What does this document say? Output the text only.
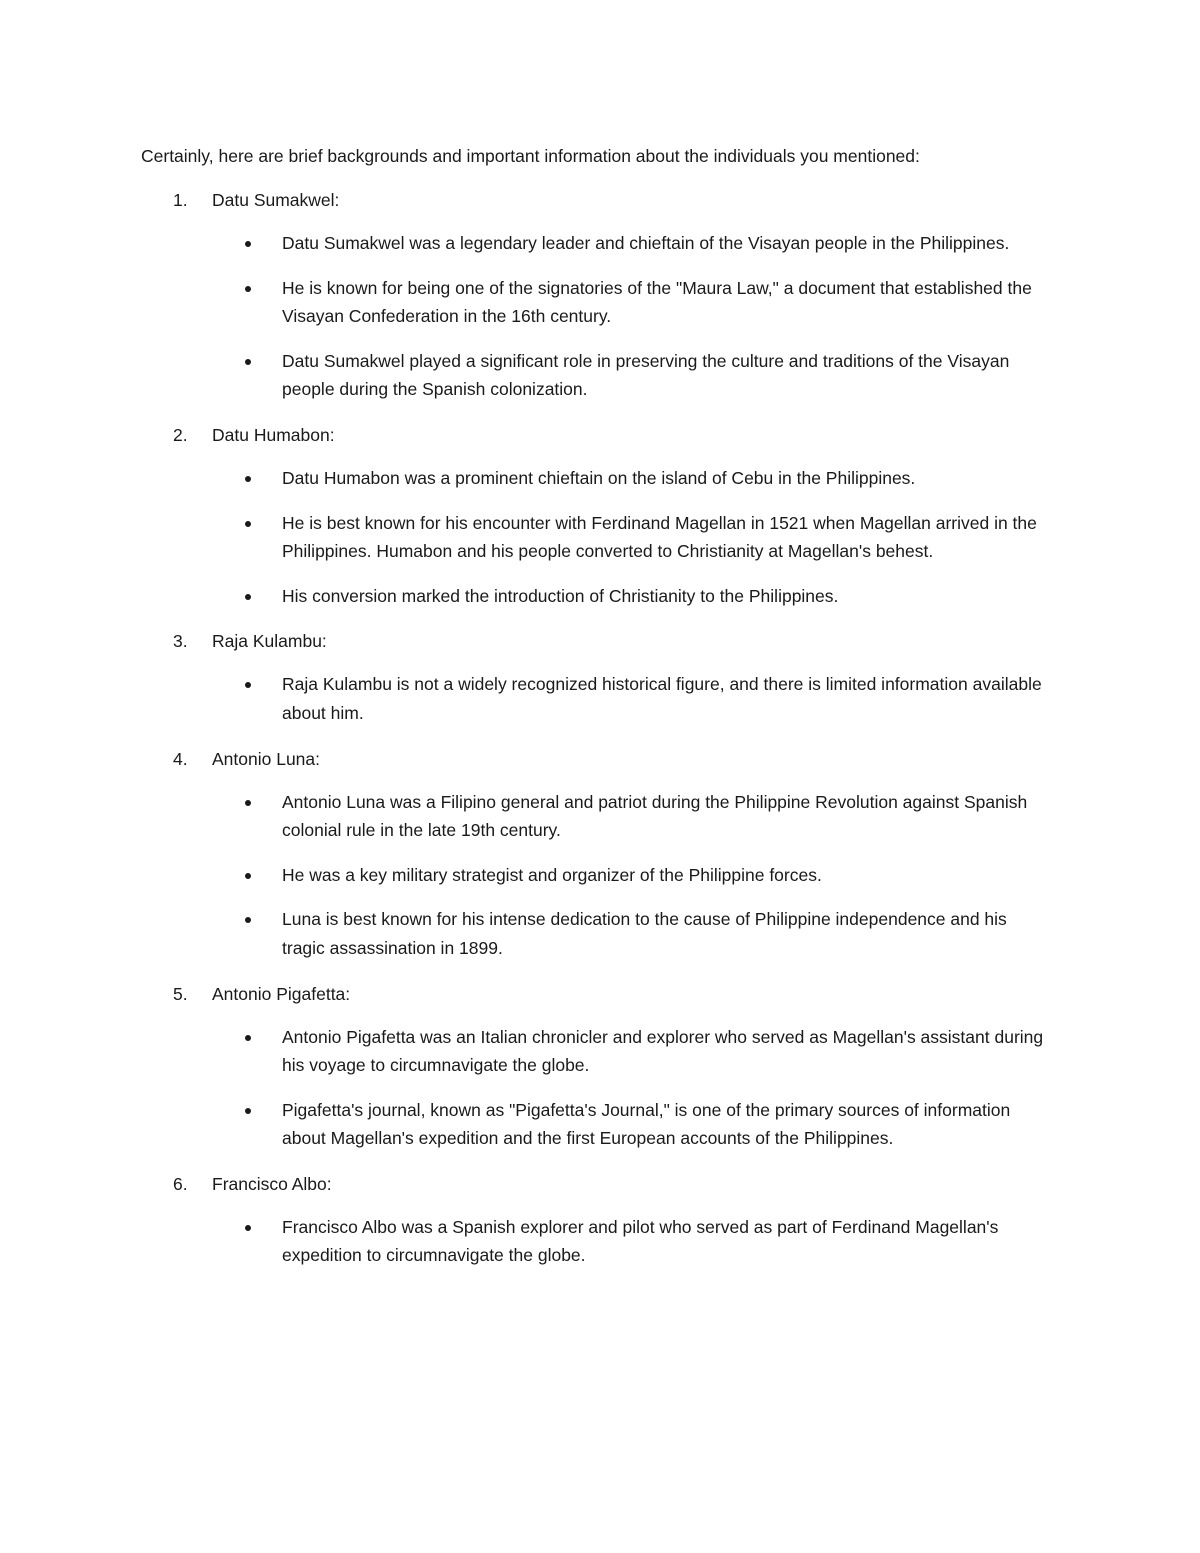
Certainly, here are brief backgrounds and important information about the individuals you mentioned:
1.	Datu Sumakwel:
Datu Sumakwel was a legendary leader and chieftain of the Visayan people in the Philippines.
He is known for being one of the signatories of the "Maura Law," a document that established the Visayan Confederation in the 16th century.
Datu Sumakwel played a significant role in preserving the culture and traditions of the Visayan people during the Spanish colonization.
2.	Datu Humabon:
Datu Humabon was a prominent chieftain on the island of Cebu in the Philippines.
He is best known for his encounter with Ferdinand Magellan in 1521 when Magellan arrived in the Philippines. Humabon and his people converted to Christianity at Magellan's behest.
His conversion marked the introduction of Christianity to the Philippines.
3.	Raja Kulambu:
Raja Kulambu is not a widely recognized historical figure, and there is limited information available about him.
4.	Antonio Luna:
Antonio Luna was a Filipino general and patriot during the Philippine Revolution against Spanish colonial rule in the late 19th century.
He was a key military strategist and organizer of the Philippine forces.
Luna is best known for his intense dedication to the cause of Philippine independence and his tragic assassination in 1899.
5.	Antonio Pigafetta:
Antonio Pigafetta was an Italian chronicler and explorer who served as Magellan's assistant during his voyage to circumnavigate the globe.
Pigafetta's journal, known as "Pigafetta's Journal," is one of the primary sources of information about Magellan's expedition and the first European accounts of the Philippines.
6.	Francisco Albo:
Francisco Albo was a Spanish explorer and pilot who served as part of Ferdinand Magellan's expedition to circumnavigate the globe.
